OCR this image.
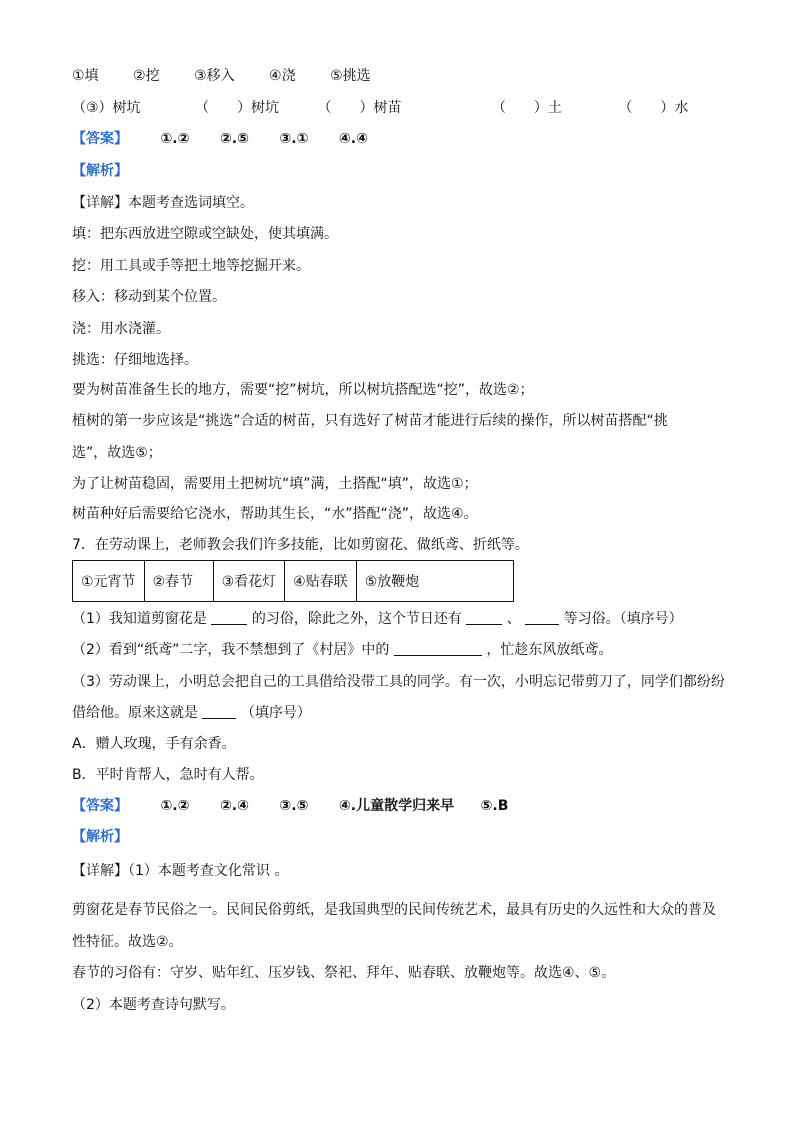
①填 ②挖 ③移入 ④浇 ⑤挑选
（③）树坑	（　　）树坑	（　　）树苗	（　　）土	（　　）水
【答案】 ①.② ②.⑤ ③.① ④.④
【解析】
【详解】本题考查选词填空。
填：把东西放进空隙或空缺处，使其填满。
挖：用工具或手等把土地等挖掘开来。
移入：移动到某个位置。
浇：用水浇灌。
挑选：仔细地选择。
要为树苗准备生长的地方，需要“挖”树坑，所以树坑搭配选“挖”，故选②；
植树的第一步应该是“挑选”合适的树苗，只有选好了树苗才能进行后续的操作，所以树苗搭配“挑
选”，故选⑤；
为了让树苗稳固，需要用土把树坑“填”满，土搭配“填”，故选①；
树苗种好后需要给它浇水，帮助其生长，“水”搭配“浇”，故选④。
7．在劳动课上，老师教会我们许多技能，比如剪窗花、做纸鸢、折纸等。
①元宵节	②春节	③看花灯	④贴春联	⑤放鞭炮
（1）我知道剪窗花是	的习俗，除此之外，这个节日还有	、	等习俗。（填序号）
（2）看到“纸鸢”二字，我不禁想到了《村居》中的	，忙趁东风放纸鸢。
（3）劳动课上，小明总会把自己的工具借给没带工具的同学。有一次，小明忘记带剪刀了，同学们都纷纷
借给他。原来这就是	（填序号）
A．赠人玫瑰，手有余香。
B．平时肯帮人，急时有人帮。
【答案】 ①.② ②.④ ③.⑤ ④.儿童散学归来早 ⑤.B
【解析】
【详解】（1）本题考查文化常识 。
剪窗花是春节民俗之一。民间民俗剪纸，是我国典型的民间传统艺术，最具有历史的久远性和大众的普及
性特征。故选②。
春节的习俗有：守岁、贴年红、压岁钱、祭祀、拜年、贴春联、放鞭炮等。故选④、⑤。
（2）本题考查诗句默写。
